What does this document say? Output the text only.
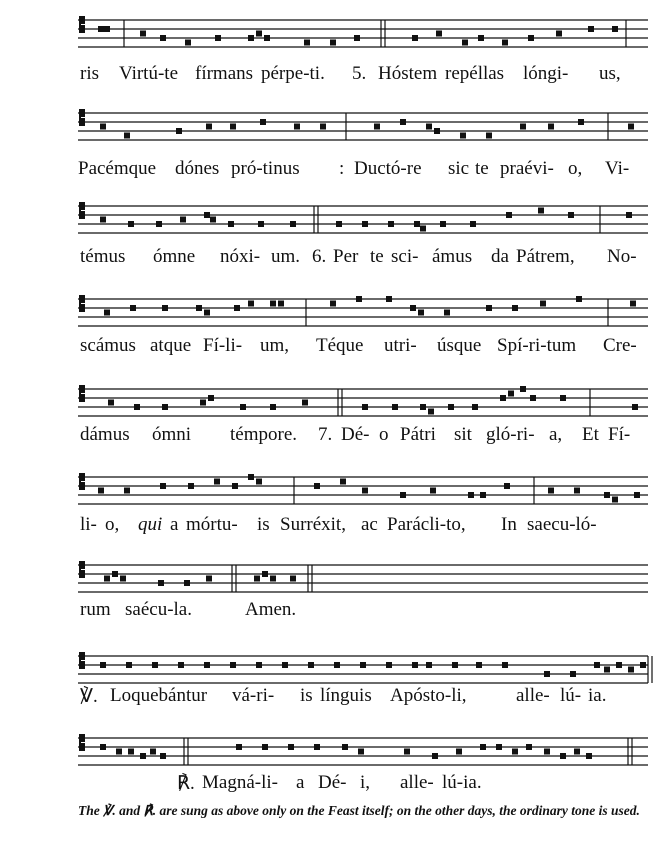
ris Virtú-te fírmans pérpe-ti. 5. Hóstem repéllas lóngi- us,
Pacémque dónes pró-tinus : Ductó-re sic te praévi- o, Vi-
témus ómne nóxi- um. 6. Per te sci- ámus da Pátrem, No-
scámus atque Fí-li- um, Téque utri- úsque Spí-ri-tum Cre-
dámus ómni témpore. 7. Dé- o Pátri sit gló-ri- a, Et Fí-
li- o, qui a mórtu- is Surréxit, ac Parácli-to, In saecu-ló-
rum saécu-la.	Amen.
℣. Loquebántur vá-ri- is línguis Apósto-li,	alle- lú- ia.
℟. Magná-li- a Dé- i, alle- lú-ia.
The ℣. and ℟. are sung as above only on the Feast itself; on the other days, the ordinary tone is used.
